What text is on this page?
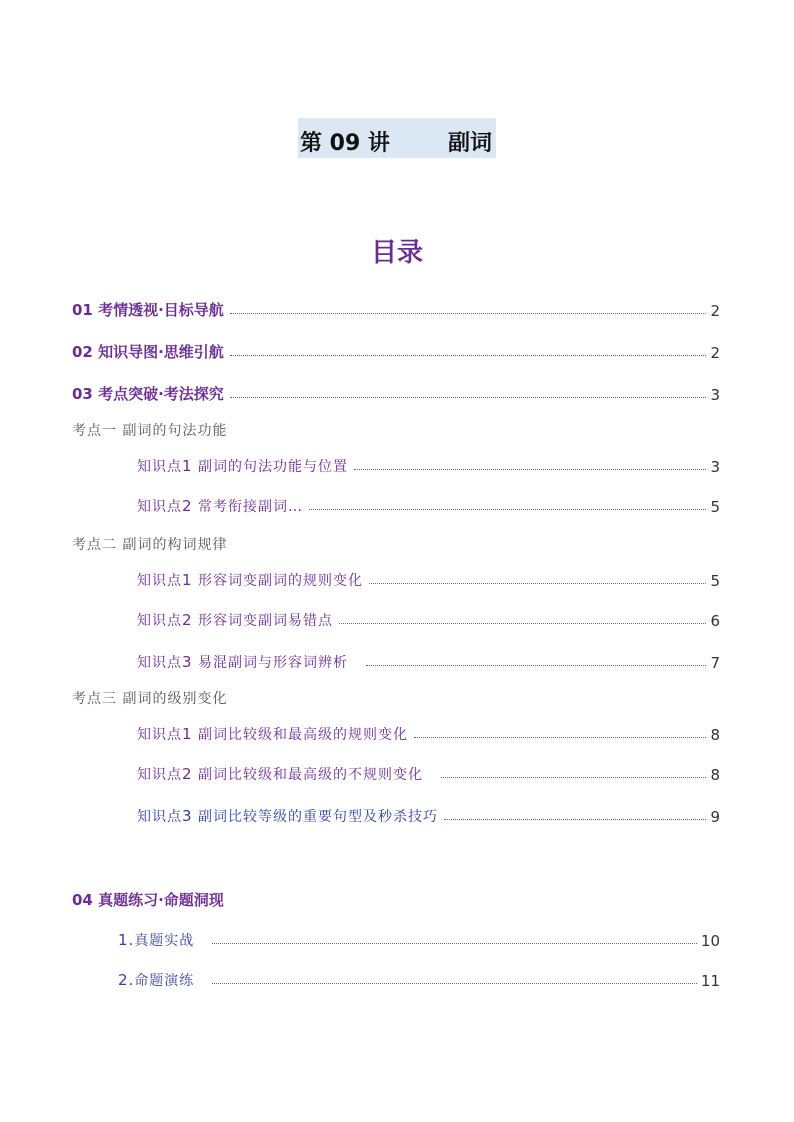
第 09 讲	副词
目录
01 考情透视·目标导航	2
02 知识导图·思维引航	2
03 考点突破·考法探究	3
考点一 副词的句法功能
知识点1 副词的句法功能与位置	3
知识点2 常考衔接副词…	5
考点二 副词的构词规律
知识点1 形容词变副词的规则变化	5
知识点2 形容词变副词易错点	6
知识点3 易混副词与形容词辨析	7
考点三 副词的级别变化
知识点1 副词比较级和最高级的规则变化	8
知识点2 副词比较级和最高级的不规则变化	8
知识点3 副词比较等级的重要句型及秒杀技巧	9
04 真题练习·命题洞现
1.真题实战	10
2.命题演练	11
